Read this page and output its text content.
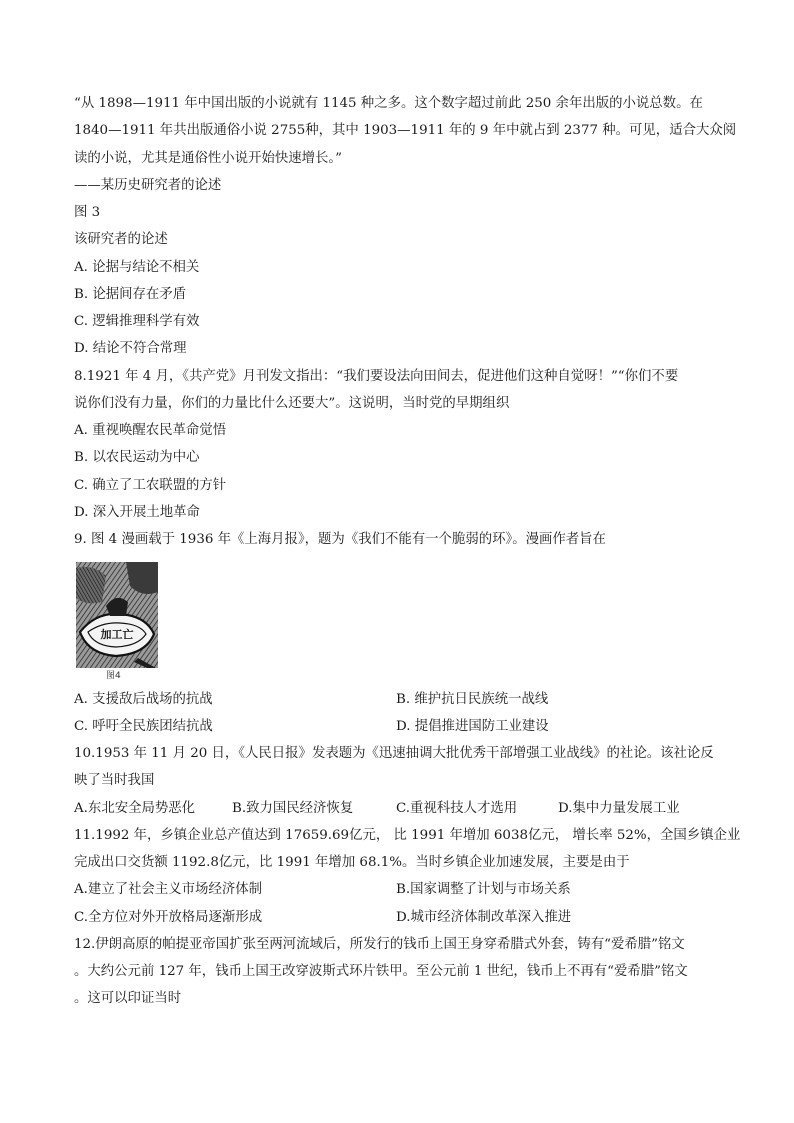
“从 1898—1911 年中国出版的小说就有 1145 种之多。这个数字超过前此 250 余年出版的小说总数。在
1840—1911 年共出版通俗小说 2755种，其中 1903—1911 年的 9 年中就占到 2377 种。可见，适合大众阅
读的小说，尤其是通俗性小说开始快速增长。”
——某历史研究者的论述
图 3
该研究者的论述
A. 论据与结论不相关
B. 论据间存在矛盾
C. 逻辑推理科学有效
D. 结论不符合常理
8.1921 年 4 月，《共产党》月刊发文指出：“我们要设法向田间去，促进他们这种自觉呀！”“你们不要
说你们没有力量，你们的力量比什么还要大”。这说明，当时党的早期组织
A. 重视唤醒农民革命觉悟
B. 以农民运动为中心
C. 确立了工农联盟的方针
D. 深入开展土地革命
9. 图 4 漫画载于 1936 年《上海月报》，题为《我们不能有一个脆弱的环》。漫画作者旨在
加工亡
图4
A. 支援敌后战场的抗战	B. 维护抗日民族统一战线
C. 呼吁全民族团结抗战	D. 提倡推进国防工业建设
10.1953 年 11 月 20 日，《人民日报》发表题为《迅速抽调大批优秀干部增强工业战线》的社论。该社论反
映了当时我国
A.东北安全局势恶化	B.致力国民经济恢复	C.重视科技人才选用	D.集中力量发展工业
11.1992 年，乡镇企业总产值达到 17659.69亿元， 比 1991 年增加 6038亿元， 增长率 52%，全国乡镇企业
完成出口交货额 1192.8亿元，比 1991 年增加 68.1%。当时乡镇企业加速发展，主要是由于
A.建立了社会主义市场经济体制	B.国家调整了计划与市场关系
C.全方位对外开放格局逐渐形成	D.城市经济体制改革深入推进
12.伊朗高原的帕提亚帝国扩张至两河流域后，所发行的钱币上国王身穿希腊式外套，铸有“爱希腊”铭文
。大约公元前 127 年，钱币上国王改穿波斯式环片铁甲。至公元前 1 世纪，钱币上不再有“爱希腊”铭文
。这可以印证当时
